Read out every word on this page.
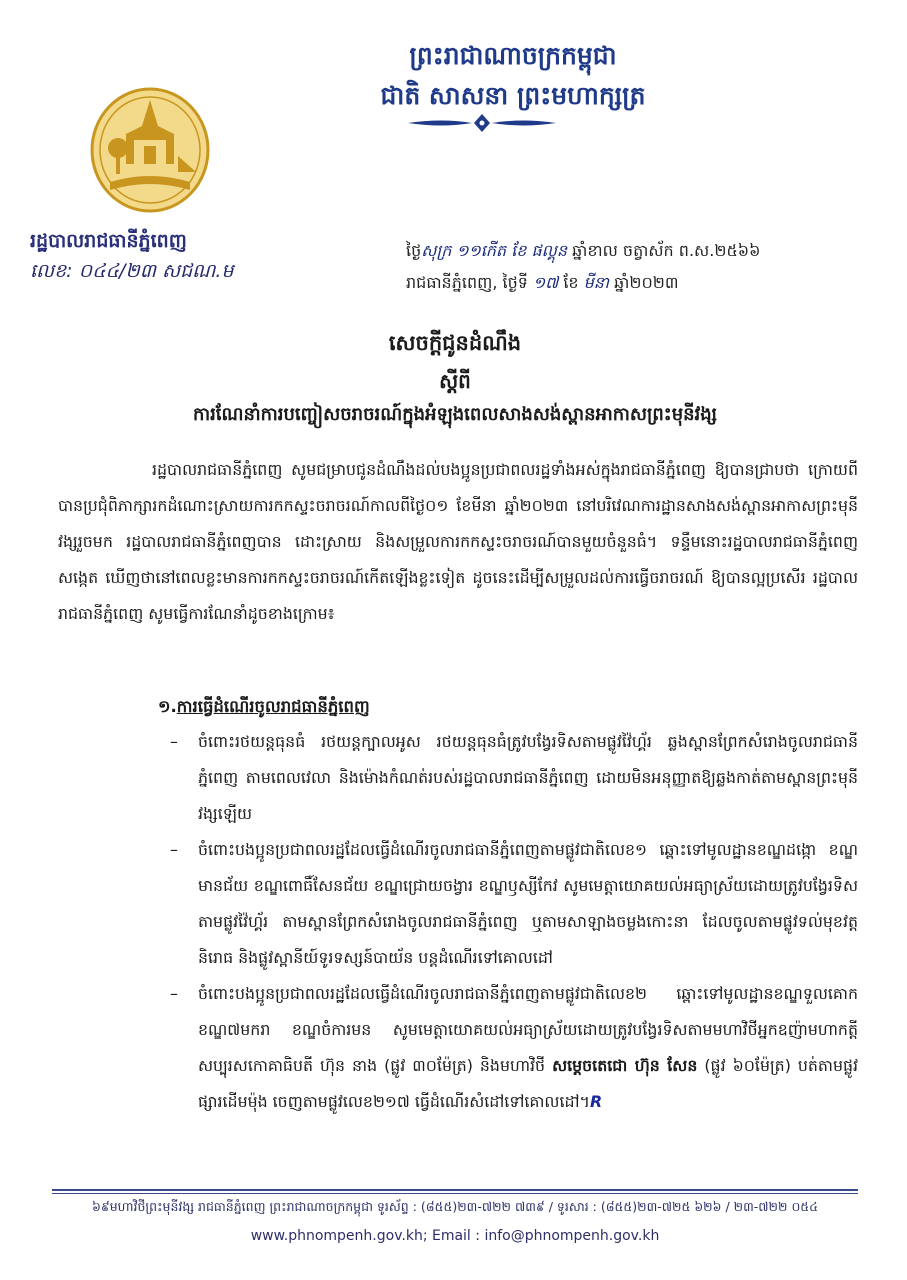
ព្រះរាជាណាចក្រកម្ពុជា
ជាតិ សាសនា ព្រះមហាក្សត្រ
រដ្ឋបាលរាជធានីភ្នំពេញ
លេខ: ០៤៤/២៣ សជណ.ម
ថ្ងៃសុក្រ ១១កើត ខែ ផល្គុន ឆ្នាំខាល ចត្វាស័ក ព.ស.២៥៦៦
រាជធានីភ្នំពេញ, ថ្ងៃទី ១៧ ខែ មីនា ឆ្នាំ២០២៣
សេចក្តីជូនដំណឹង
ស្តីពី
ការណែនាំការបញ្ចៀសចរាចរណ៍ក្នុងអំឡុងពេលសាងសង់ស្ពានអាកាសព្រះមុនីវង្ស
រដ្ឋបាលរាជធានីភ្នំពេញ សូមជម្រាបជូនដំណឹងដល់បងប្អូនប្រជាពលរដ្ឋទាំងអស់ក្នុងរាជធានីភ្នំពេញ ឱ្យបានជ្រាបថា ក្រោយពីបានប្រជុំពិភាក្សារកដំណោះស្រាយការកកស្ទះចរាចរណ៍កាលពីថ្ងៃ០១ ខែមីនា ឆ្នាំ២០២៣ នៅបរិវេណការដ្ឋានសាងសង់ស្ពានអាកាសព្រះមុនីវង្សរួចមក រដ្ឋបាលរាជធានីភ្នំពេញបាន ដោះស្រាយ និងសម្រួលការកកស្ទះចរាចរណ៍បានមួយចំនួនធំ។ ទន្ទឹមនោះរដ្ឋបាលរាជធានីភ្នំពេញ សង្កេត ឃើញថានៅពេលខ្លះមានការកកស្ទះចរាចរណ៍កើតឡើងខ្លះទៀត ដូចនេះដើម្បីសម្រួលដល់ការធ្វើចរាចរណ៍ ឱ្យបានល្អប្រសើរ រដ្ឋបាលរាជធានីភ្នំពេញ សូមធ្វើការណែនាំដូចខាងក្រោម៖
១.ការធ្វើដំណើរចូលរាជធានីភ្នំពេញ
– ចំពោះរថយន្តធុនធំ រថយន្តក្បាលអូស រថយន្តធុនធំត្រូវបង្វែរទិសតាមផ្លូវវ៉ៃហ្គ័រ ឆ្លងស្ពានព្រែកសំរោងចូលរាជធានីភ្នំពេញ តាមពេលវេលា និងម៉ោងកំណត់របស់រដ្ឋបាលរាជធានីភ្នំពេញ ដោយមិនអនុញ្ញាតឱ្យឆ្លងកាត់តាមស្ពានព្រះមុនីវង្សឡើយ
– ចំពោះបងប្អូនប្រជាពលរដ្ឋដែលធ្វើដំណើរចូលរាជធានីភ្នំពេញតាមផ្លូវជាតិលេខ១ ឆ្ពោះទៅមូលដ្ឋានខណ្ឌដង្កោ ខណ្ឌមានជ័យ ខណ្ឌពោធិ៍សែនជ័យ ខណ្ឌជ្រោយចង្វារ ខណ្ឌឫស្សីកែវ សូមមេត្តាយោគយល់អធ្យាស្រ័យដោយត្រូវបង្វែរទិសតាមផ្លូវវ៉ៃហ្គ័រ តាមស្ពានព្រែកសំរោងចូលរាជធានីភ្នំពេញ ឬតាមសាឡាងចម្លងកោះនា ដែលចូលតាមផ្លូវទល់មុខវត្តនិរោធ និងផ្លូវស្ពានីយ៍ទូរទស្សន៍បាយ័ន បន្តដំណើរទៅគោលដៅ
– ចំពោះបងប្អូនប្រជាពលរដ្ឋដែលធ្វើដំណើរចូលរាជធានីភ្នំពេញតាមផ្លូវជាតិលេខ២ ឆ្ពោះទៅមូលដ្ឋានខណ្ឌទួលគោក ខណ្ឌ៧មករា ខណ្ឌចំការមន សូមមេត្តាយោគយល់អធ្យាស្រ័យដោយត្រូវបង្វែរទិសតាមមហាវិថីអ្នកឧញ៉ាមហាកត្តីសប្បុរសកោគាធិបតី ហ៊ុន នាង (ផ្លូវ ៣០ម៉ែត្រ) និងមហាវិថី សម្តេចតេជោ ហ៊ុន សែន (ផ្លូវ ៦០ម៉ែត្រ) បត់តាមផ្លូវផ្សារដើមម៉ុង ចេញតាមផ្លូវលេខ២១៧ ធ្វើដំណើរសំដៅទៅគោលដៅ។R
៦៩មហាវិថីព្រះមុនីវង្ស រាជធានីភ្នំពេញ ព្រះរាជាណាចក្រកម្ពុជា ទូរស័ព្ទ : (៨៥៥)២៣-៧២២ ៧៣៩ / ទូរសារ : (៨៥៥)២៣-៧២៥ ៦២៦ / ២៣-៧២២ ០៥៤
www.phnompenh.gov.kh; Email : info@phnompenh.gov.kh
